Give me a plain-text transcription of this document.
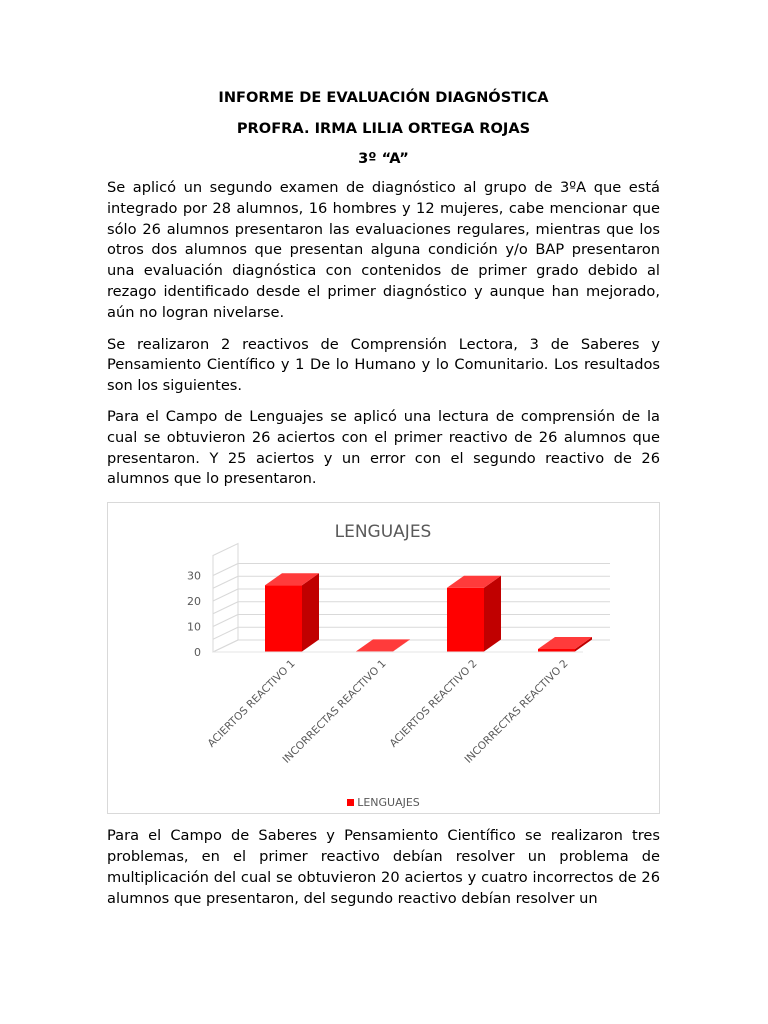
INFORME DE EVALUACIÓN DIAGNÓSTICA

PROFRA. IRMA LILIA ORTEGA ROJAS

3º “A”

Se aplicó un segundo examen de diagnóstico al grupo de 3ºA que está integrado por 28 alumnos, 16 hombres y 12 mujeres, cabe mencionar que sólo 26 alumnos presentaron las evaluaciones regulares, mientras que los otros dos alumnos que presentan alguna condición y/o BAP presentaron una evaluación diagnóstica con contenidos de primer grado debido al rezago identificado desde el primer diagnóstico y aunque han mejorado, aún no logran nivelarse.

Se realizaron 2 reactivos de Comprensión Lectora, 3 de Saberes y Pensamiento Científico y 1 De lo Humano y lo Comunitario. Los resultados son los siguientes.

Para el Campo de Lenguajes se aplicó una lectura de comprensión de la cual se obtuvieron 26 aciertos con el primer reactivo de 26 alumnos que presentaron. Y 25 aciertos y un error con el segundo reactivo de 26 alumnos que lo presentaron.

LENGUAJES
0
10
20
30
ACIERTOS REACTIVO 1
INCORRECTAS REACTIVO 1
ACIERTOS REACTIVO 2
INCORRECTAS REACTIVO 2
LENGUAJES

Para el Campo de Saberes y Pensamiento Científico se realizaron tres problemas, en el primer reactivo debían resolver un problema de multiplicación del cual se obtuvieron 20 aciertos y cuatro incorrectos de 26 alumnos que presentaron, del segundo reactivo debían resolver un
